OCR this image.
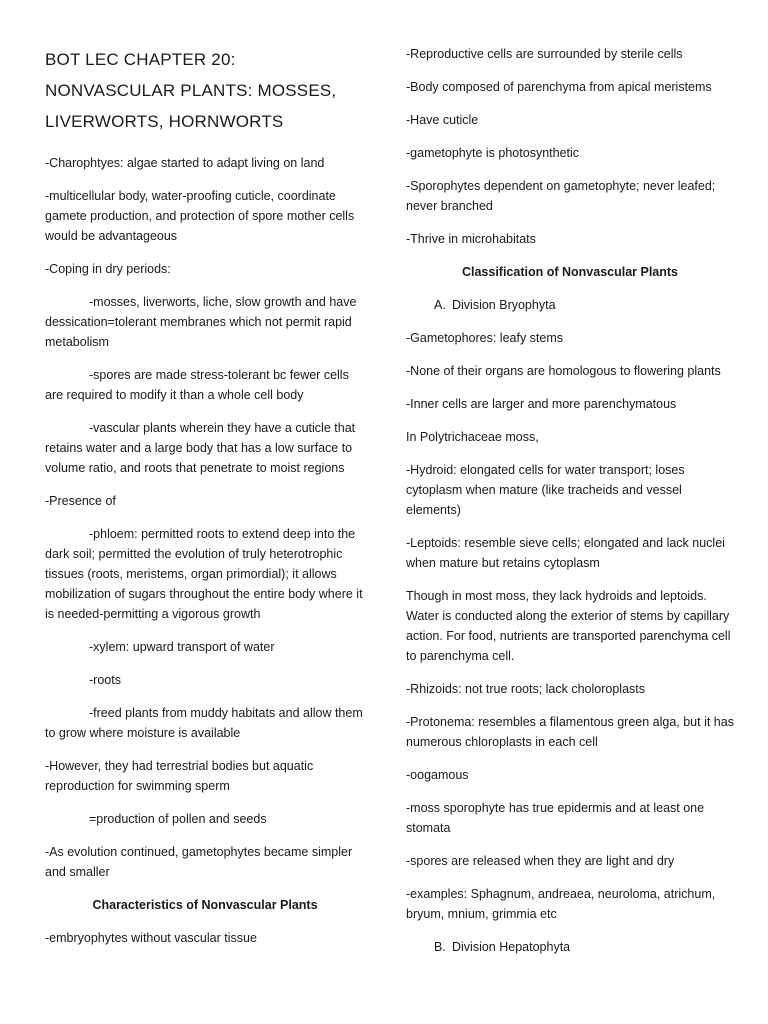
BOT LEC CHAPTER 20: NONVASCULAR PLANTS: MOSSES, LIVERWORTS, HORNWORTS

-Charophtyes: algae started to adapt living on land

-multicellular body, water-proofing cuticle, coordinate gamete production, and protection of spore mother cells would be advantageous

-Coping in dry periods:

-mosses, liverworts, liche, slow growth and have dessication=tolerant membranes which not permit rapid metabolism

-spores are made stress-tolerant bc fewer cells are required to modify it than a whole cell body

-vascular plants wherein they have a cuticle that retains water and a large body that has a low surface to volume ratio, and roots that penetrate to moist regions

-Presence of

-phloem: permitted roots to extend deep into the dark soil; permitted the evolution of truly heterotrophic tissues (roots, meristems, organ primordial); it allows mobilization of sugars throughout the entire body where it is needed-permitting a vigorous growth

-xylem: upward transport of water

-roots

-freed plants from muddy habitats and allow them to grow where moisture is available

-However, they had terrestrial bodies but aquatic reproduction for swimming sperm

=production of pollen and seeds

-As evolution continued, gametophytes became simpler and smaller

Characteristics of Nonvascular Plants

-embryophytes without vascular tissue

-Reproductive cells are surrounded by sterile cells

-Body composed of parenchyma from apical meristems

-Have cuticle

-gametophyte is photosynthetic

-Sporophytes dependent on gametophyte; never leafed; never branched

-Thrive in microhabitats

Classification of Nonvascular Plants

A. Division Bryophyta

-Gametophores: leafy stems

-None of their organs are homologous to flowering plants

-Inner cells are larger and more parenchymatous

In Polytrichaceae moss,

-Hydroid: elongated cells for water transport; loses cytoplasm when mature (like tracheids and vessel elements)

-Leptoids: resemble sieve cells; elongated and lack nuclei when mature but retains cytoplasm

Though in most moss, they lack hydroids and leptoids. Water is conducted along the exterior of stems by capillary action. For food, nutrients are transported parenchyma cell to parenchyma cell.

-Rhizoids: not true roots; lack choloroplasts

-Protonema: resembles a filamentous green alga, but it has numerous chloroplasts in each cell

-oogamous

-moss sporophyte has true epidermis and at least one stomata

-spores are released when they are light and dry

-examples: Sphagnum, andreaea, neuroloma, atrichum, bryum, mnium, grimmia etc

B. Division Hepatophyta
